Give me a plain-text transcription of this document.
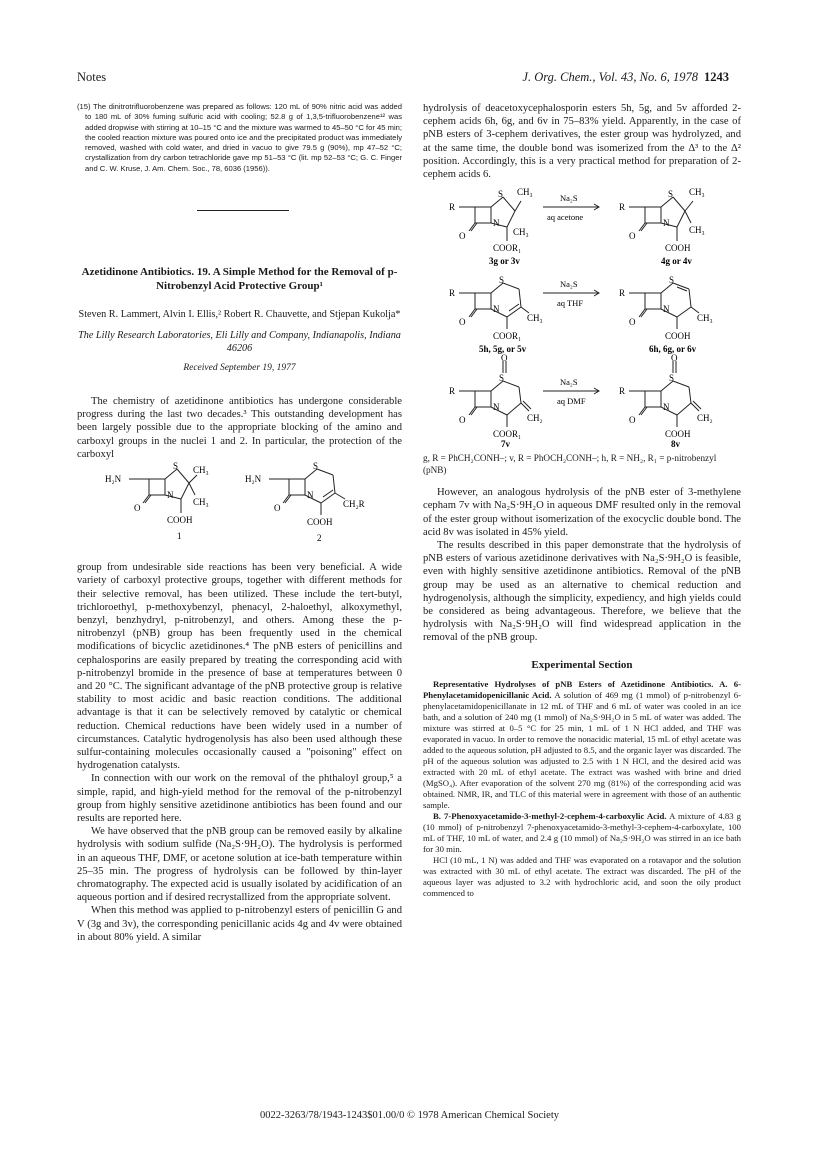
Notes	J. Org. Chem., Vol. 43, No. 6, 1978 1243

(15) The dinitrotrifluorobenzene was prepared as follows: 120 mL of 90% nitric acid was added to 180 mL of 30% fuming sulfuric acid with cooling; 52.8 g of 1,3,5-trifluorobenzene¹² was added dropwise with stirring at 10–15 °C and the mixture was warmed to 45–50 °C for 45 min; the cooled reaction mixture was poured onto ice and the precipitated product was immediately removed, washed with cold water, and dried in vacuo to give 79.5 g (90%), mp 47–52 °C; crystallization from dry carbon tetrachloride gave mp 51–53 °C (lit. mp 52–53 °C; G. C. Finger and C. W. Kruse, J. Am. Chem. Soc., 78, 6036 (1956)).

Azetidinone Antibiotics. 19. A Simple Method for the Removal of p-Nitrobenzyl Acid Protective Group¹

Steven R. Lammert, Alvin I. Ellis,² Robert R. Chauvette, and Stjepan Kukolja*

The Lilly Research Laboratories, Eli Lilly and Company, Indianapolis, Indiana 46206

Received September 19, 1977

The chemistry of azetidinone antibiotics has undergone considerable progress during the last two decades.³ This outstanding development has been largely possible due to the appropriate blocking of the amino and carboxyl groups in the nuclei 1 and 2. In particular, the protection of the carboxyl

H₂N
S CH₃
N
O
CH₃
COOH
1
H₂N
S
N
O	CH₂R
COOH
2

group from undesirable side reactions has been very beneficial. A wide variety of carboxyl protective groups, together with different methods for their selective removal, has been utilized. These include the tert-butyl, trichloroethyl, p-methoxybenzyl, phenacyl, 2-haloethyl, alkoxymethyl, benzyl, benzhydryl, p-nitrobenzyl, and others. Among these the p-nitrobenzyl (pNB) group has been frequently used in the chemical modifications of bicyclic azetidinones.⁴ The pNB esters of penicillins and cephalosporins are easily prepared by treating the corresponding acid with p-nitrobenzyl bromide in the presence of base at temperatures between 0 and 20 °C. The significant advantage of the pNB protective group is relative stability to most acidic and basic reaction conditions. The additional advantage is that it can be selectively removed by catalytic or chemical reduction. Chemical reductions have been widely used in a number of circumstances. Catalytic hydrogenolysis has also been used although these sulfur-containing molecules occasionally caused a "poisoning" effect on hydrogenation catalysts.

In connection with our work on the removal of the phthaloyl group,⁵ a simple, rapid, and high-yield method for the removal of the p-nitrobenzyl group from highly sensitive azetidinone antibiotics has been found and our results are reported here.

We have observed that the pNB group can be removed easily by alkaline hydrolysis with sodium sulfide (Na₂S·9H₂O). The hydrolysis is performed in an aqueous THF, DMF, or acetone solution at ice-bath temperature within 25–35 min. The progress of hydrolysis can be followed by thin-layer chromatography. The expected acid is usually isolated by acidification of an aqueous portion and if desired recrystallized from the appropriate solvent.

When this method was applied to p-nitrobenzyl esters of penicillin G and V (3g and 3v), the corresponding penicillanic acids 4g and 4v were obtained in about 80% yield. A similar

hydrolysis of deacetoxycephalosporin esters 5h, 5g, and 5v afforded 2-cephem acids 6h, 6g, and 6v in 75–83% yield. Apparently, in the case of pNB esters of 3-cephem derivatives, the ester group was hydrolyzed, and at the same time, the double bond was isomerized from the Δ³ to the Δ² position. Accordingly, this is a very practical method for preparation of 2-cephem acids 6.

R
S CH₃
N
O	CH₃
COOR₁
3g or 3v
Na₂S
aq acetone
R
S CH₃
N
O
CH₃
COOH
4g or 4v
R
S
N
O	CH₃
COOR₁
5h, 5g, or 5v
Na₂S
aq THF
R
S
N
O	CH₃
COOH
6h, 6g, or 6v
O
R
S
N
O	CH₂
COOR₁
7v
Na₂S
aq DMF
O
R
S
N
O	CH₂
COOH
8v

g, R = PhCH₂CONH–; v, R = PhOCH₂CONH–; h, R = NH₂, R₁ = p-nitrobenzyl (pNB)

However, an analogous hydrolysis of the pNB ester of 3-methylene cepham 7v with Na₂S·9H₂O in aqueous DMF resulted only in the removal of the ester group without isomerization of the exocyclic double bond. The acid 8v was isolated in 45% yield.

The results described in this paper demonstrate that the hydrolysis of pNB esters of various azetidinone derivatives with Na₂S·9H₂O is feasible, even with highly sensitive azetidinone antibiotics. Removal of the pNB group may be used as an alternative to chemical reduction and hydrogenolysis, although the simplicity, expediency, and high yields could be considered as being advantageous. Therefore, we believe that the hydrolysis with Na₂S·9H₂O will find widespread application in the removal of the pNB group.

Experimental Section

Representative Hydrolyses of pNB Esters of Azetidinone Antibiotics. A. 6-Phenylacetamidopenicillanic Acid. A solution of 469 mg (1 mmol) of p-nitrobenzyl 6-phenylacetamidopenicillanate in 12 mL of THF and 6 mL of water was cooled in an ice bath, and a solution of 240 mg (1 mmol) of Na₂S·9H₂O in 5 mL of water was added. The mixture was stirred at 0–5 °C for 25 min, 1 mL of 1 N HCl added, and THF was evaporated in vacuo. In order to remove the nonacidic material, 15 mL of ethyl acetate was added to the aqueous solution, pH adjusted to 8.5, and the organic layer was discarded. The pH of the aqueous solution was adjusted to 2.5 with 1 N HCl, and the desired acid was extracted with 20 mL of ethyl acetate. The extract was washed with brine and dried (MgSO₄). After evaporation of the solvent 270 mg (81%) of the corresponding acid was obtained. NMR, IR, and TLC of this material were in agreement with those of an authentic sample.

B. 7-Phenoxyacetamido-3-methyl-2-cephem-4-carboxylic Acid. A mixture of 4.83 g (10 mmol) of p-nitrobenzyl 7-phenoxyacetamido-3-methyl-3-cephem-4-carboxylate, 100 mL of THF, 10 mL of water, and 2.4 g (10 mmol) of Na₂S·9H₂O was stirred in an ice bath for 30 min.

HCl (10 mL, 1 N) was added and THF was evaporated on a rotavapor and the solution was extracted with 30 mL of ethyl acetate. The extract was discarded. The pH of the aqueous layer was adjusted to 3.2 with hydrochloric acid, and soon the oily product commenced to

0022-3263/78/1943-1243$01.00/0 © 1978 American Chemical Society
